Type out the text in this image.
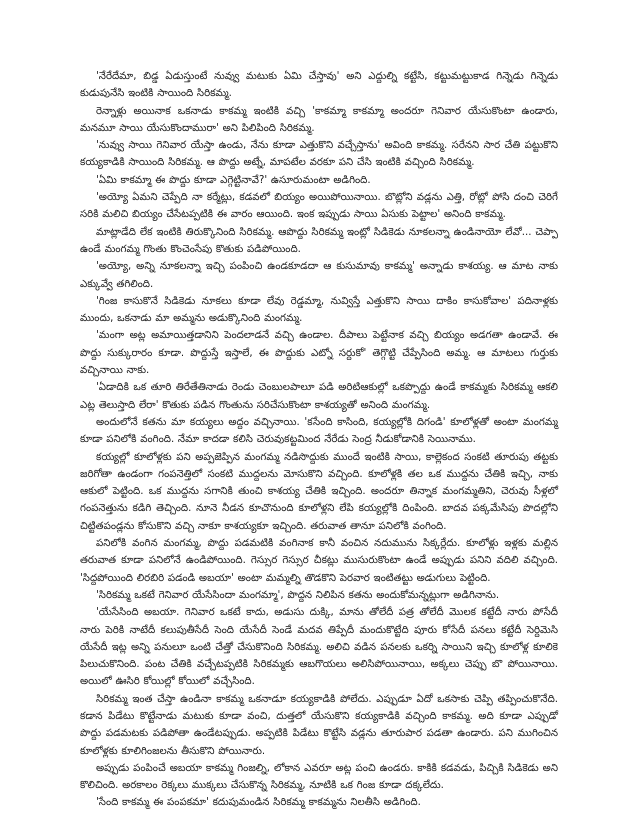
'నేరేదేమా, బిడ్డ ఏడుస్తుంటే నువ్వు మటుకు ఏమి చేస్తావు' అని ఎద్దుల్ని కట్టేసి, కట్టుమట్టుకాడ గిన్నెడు గిన్నెడు కుడుపునేసి ఇంటికి సాయింది సిరికమ్మ.

రెన్నాళ్లు అయినాక ఒకనాడు కాకమ్మ ఇంటికి వచ్చి 'కాకమ్మా కాకమ్మా అందరూ గెనివార యేసుకొంటా ఉండారు, మనమూ సాయి యేసుకొందామురా' అని పిలిపింది సిరికమ్మ.

'నువ్వు సాయి గెనివార యేస్తా ఉండు, నేను కూడా ఎత్తుకొని వచ్చేస్తాను' అవింది కాకమ్మ. సరేనని సార చేతి పట్టుకొని కయ్యకాడికి సాయింది సిరికమ్మ. ఆ పొద్దు అట్నే, మాపటేల వరకూ పని చేసి ఇంటికి వచ్చింది సిరికమ్మ.

'ఏమి కాకమ్మా ఈ పొద్దు కూడా ఎగ్గెట్టినావే?' ఉసూరుమంటా అడిగింది.

'అయ్యో ఏమని చెప్పేది నా కర్మేట్లు, కడవలో బియ్యం అయిపోయినాయి. బొట్లోని వడ్లను ఎత్తి, రోట్లో పోసి దంచి చెరిగే సరికి మలిచి బియ్యం చేసేటప్పటికి ఈ వారం ఆయింది. ఇంక ఇప్పుడు సాయి ఏసుకు పెట్టాల' అనింది కాకమ్మ.

మాట్లాడేది లేక ఇంటికి తిరుక్కొనింది సిరికమ్మ. ఆపొద్దు సిరికమ్మ ఇంట్లో సిడికెడు నూకలన్నా ఉండినాయో లేవో... చెప్పా ఉండే మంగమ్మ గొంతు కొంచెంసేపు కొతుకు పడిపోయింది.

'అయ్యో, అన్ని నూకలన్నా ఇచ్చి పంపించి ఉండకూడదా ఆ కుసుమావు కాకమ్మ' అన్నాడు కాశయ్య. ఆ మాట నాకు ఎక్కువ్వే తగిలింది.

'గింజ కాసుకొనే సిడికెడు నూకలు కూడా లేవు రెడ్డమ్మా, నువ్విస్తే ఎత్తుకొని సాయి దాకిం కాసుకోవాల' పదినాళ్లకు ముందు, ఒకనాడు మా అమ్మను అడుక్కొనింది మంగమ్మ.

'మంగా అట్ల అమాయిత్తడానిని పెందలాడనే వచ్చి ఉండాల. దీపాలు పెట్టేనాక వచ్చి బియ్యం అడగతా ఉండావే. ఈ పొద్దు సుక్కురారం కూడా. పొద్దుస్తే ఇస్తాలే, ఈ పొద్దుకు ఎట్నో సర్దుకో' తెగ్గొట్టి చేప్పేసింది అమ్మ. ఆ మాటలు గుర్తుకు వచ్చినాయి నాకు.

'ఏడాదికి ఒక తూరి తిరేతేతినాడు రెండు చెంబులపాలూ పడి అరిటిఆకుల్లో ఒకప్పొద్దు ఉండే కాకమ్మకు సిరికమ్మ ఆకలి ఎట్ల తెలుస్తాది లేరా' కొతుకు పడిన గొంతును సరిచేసుకొంటా కాశయ్యతో అనింది మంగమ్మ.

అందులోనే కతను మా కయ్యలు అద్దం వచ్చినాయి. 'కసేంది కాసింది, కయ్యల్లోకి దిగండి' కూలోళ్లతో అంటా మంగమ్మ కూడా పనిలోకి వంగింది. నేమా కాదడా కలిసి చెరువుకట్టమింద నేరేడు సెంద్ర నీడుకోడానికి సెయినాము.

కయ్యల్లో కూలోళ్లకు పని అప్పజెప్పిన మంగమ్మ నడిసొద్దుకు ముందే ఇంటికి సాయి, కాల్లెకంద సంకటి తూరుపు తట్టకు జరిగోతా ఉండంగా గంపనెత్తిలో సంకటి ముద్దలను మోసుకొని వచ్చింది. కూలోళ్లకి తల ఒక ముద్దను చేతికి ఇచ్చి, నాకు ఆకులో పెట్టింది. ఒక ముద్దను సగానికి తుంచి కాశయ్య చేతికి ఇచ్చింది. అందరూ తిన్నాక మంగమ్మతిని, చెరువు సీళ్లలో గంపనెత్తును కడిగి తెచ్చింది. నూనె నీడన కూచొనుంది కూలోళ్లని లేపి కయ్యల్లోకి దింపింది. బాదవ పక్కమేసిపు పొదల్లోని చిట్టితపండ్లను కోసుకొని వచ్చి నాకూ కాశయ్యకూ ఇచ్చింది. తరువాత తానూ పనిలోకి వంగింది.

పనిలోకి వంగిన మంగమ్మ, పొద్దు పడమటికి వంగినాక కానీ వంచిన నదుమును సిక్కర్లేదు. కూలోళ్లు ఇళ్లకు మల్లిన తరువాత కూడా పనిలోనే ఉండిపోయింది. గెస్సుర గెస్సుర చీకట్లు ముసురుకొంటా ఉండే అప్పుడు పనిని వదిలి వచ్చింది. 'సిద్దపోయింది లిరబిరి పడండి అబయా' అంటా మమ్మల్ని తొడకొని పెరవార ఇంటితట్టు అడుగులు పెట్టింది.

'సిరికమ్మ ఒకటే గెనివార యేసేసిందా మంగమ్మా', పొద్దన నిలిపిన కతను అందుకోమన్నట్లుగా అడిగినాను.

'యేసేసింది అబయా. గెనివార ఒకటే కాదు, అడుసు దుక్కి, మాను తోలేదీ పత్ర తోలేదీ మొలక కట్టేదీ నారు పోసేదీ నారు పెరికి నాటేదీ కలుపుతీసేదీ సెంది యేసేదీ సెండే మదవ తిప్పేదీ మందుకొట్టేది పూరు కోసేదీ పనలు కట్టేదీ సెర్దిమెసి యేసేదీ ఇట్ల అన్ని పనులూ ఒంటి చేత్తో చేసుకొనింది సిరికమ్మ. అలిచి వడిన పనలకు ఒకర్ని సాయిని ఇచ్చి కూలోళ్ల కూలికె పిలుచుకొనింది. పంట చేతికి వచ్చేటప్పటికి సిరికమ్మకు ఆబగొయలు అలిసిపోయినాయి, అక్కలు చెప్పు బొ పోయినాయి. అయిలో ఊసిరి కోయిల్లో కోయిలో వచ్చేసింది.

సిరికమ్మ ఇంత చేస్తా ఉండినా కాకమ్మ ఒకనాడూ కయ్యకాడికి పోలేదు. ఎప్పుడూ ఏదో ఒకసాకు చెప్పి తప్పించుకొనేది. కడాన పిడేటు కొట్టేనాడు మటుకు కూడా వంచి, దుత్తలో యేసుకొని కయ్యకాడికి వచ్చింది కాకమ్మ. అది కూడా ఎప్పుడో పొద్దు పడమటకు పడిపోతా ఉండేటప్పుడు. అప్పటికి పిడేటు కొట్టేసి వడ్లను తూరుపార పడతా ఉండారు. పని ముగించిన కూలోళ్లకు కూలిగింజలను తీసుకొని పోయినారు.

అప్పుడు పంపించే అబయా కాకమ్మ గింజల్ని, లోకాన ఎవరూ అట్ల పంచి ఉండరు. కాకికి కడవడు, పిచ్చికి సిడికెడు అని కొలిచింది. అరకాలం రెక్కలు ముక్కలు చేసుకొన్న సిరికమ్మ, నూటికి ఒక గింజ కూడా దక్కలేదు.

'సేంది కాకమ్మ ఈ పంపకమా' కదుపుమండిన సిరికమ్మ కాకమ్మను నిలతీసి అడిగింది.
